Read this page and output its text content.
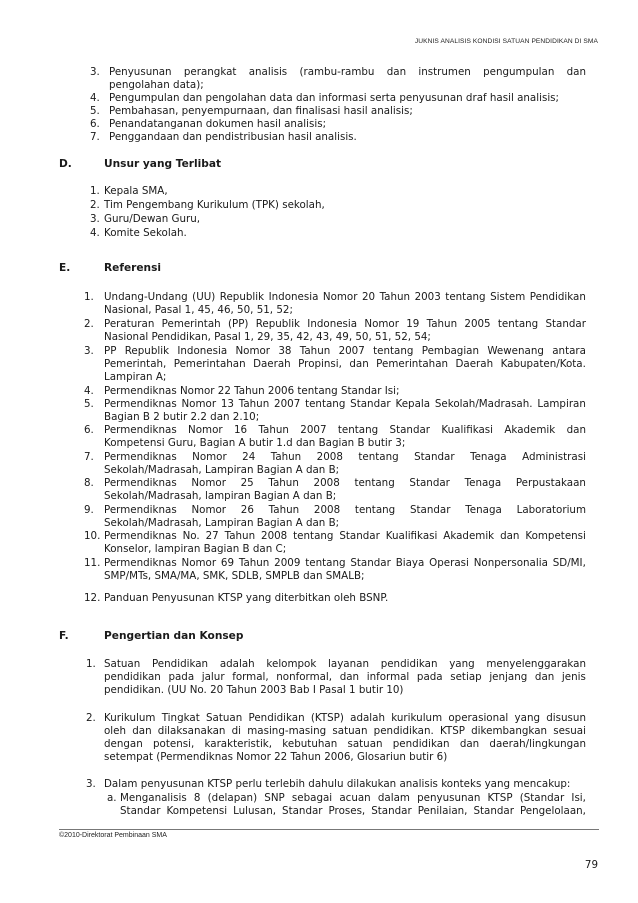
JUKNIS ANALISIS KONDISI SATUAN PENDIDIKAN DI SMA
3. Penyusunan perangkat analisis (rambu-rambu dan instrumen pengumpulan dan
pengolahan data);
4. Pengumpulan dan pengolahan data dan informasi serta penyusunan draf hasil analisis;
5. Pembahasan, penyempurnaan, dan finalisasi hasil analisis;
6. Penandatanganan dokumen hasil analisis;
7. Penggandaan dan pendistribusian hasil analisis.
D.	Unsur yang Terlibat
1. Kepala SMA,
2. Tim Pengembang Kurikulum (TPK) sekolah,
3. Guru/Dewan Guru,
4. Komite Sekolah.
E.	Referensi
1. Undang-Undang (UU) Republik Indonesia Nomor 20 Tahun 2003 tentang Sistem Pendidikan
Nasional, Pasal 1, 45, 46, 50, 51, 52;
2. Peraturan Pemerintah (PP) Republik Indonesia Nomor 19 Tahun 2005 tentang Standar
Nasional Pendidikan, Pasal 1, 29, 35, 42, 43, 49, 50, 51, 52, 54;
3. PP Republik Indonesia Nomor 38 Tahun 2007 tentang Pembagian Wewenang antara
Pemerintah, Pemerintahan Daerah Propinsi, dan Pemerintahan Daerah Kabupaten/Kota.
Lampiran A;
4. Permendiknas Nomor 22 Tahun 2006 tentang Standar Isi;
5. Permendiknas Nomor 13 Tahun 2007 tentang Standar Kepala Sekolah/Madrasah. Lampiran
Bagian B 2 butir 2.2 dan 2.10;
6. Permendiknas Nomor 16 Tahun 2007 tentang Standar Kualifikasi Akademik dan
Kompetensi Guru, Bagian A butir 1.d dan Bagian B butir 3;
7. Permendiknas Nomor 24 Tahun 2008 tentang Standar Tenaga Administrasi
Sekolah/Madrasah, Lampiran Bagian A dan B;
8. Permendiknas Nomor 25 Tahun 2008 tentang Standar Tenaga Perpustakaan
Sekolah/Madrasah, lampiran Bagian A dan B;
9. Permendiknas Nomor 26 Tahun 2008 tentang Standar Tenaga Laboratorium
Sekolah/Madrasah, Lampiran Bagian A dan B;
10. Permendiknas No. 27 Tahun 2008 tentang Standar Kualifikasi Akademik dan Kompetensi
Konselor, lampiran Bagian B dan C;
11. Permendiknas Nomor 69 Tahun 2009 tentang Standar Biaya Operasi Nonpersonalia SD/MI,
SMP/MTs, SMA/MA, SMK, SDLB, SMPLB dan SMALB;
12. Panduan Penyusunan KTSP yang diterbitkan oleh BSNP.
F.	Pengertian dan Konsep
1. Satuan Pendidikan adalah kelompok layanan pendidikan yang menyelenggarakan
pendidikan pada jalur formal, nonformal, dan informal pada setiap jenjang dan jenis
pendidikan. (UU No. 20 Tahun 2003 Bab I Pasal 1 butir 10)
2. Kurikulum Tingkat Satuan Pendidikan (KTSP) adalah kurikulum operasional yang disusun
oleh dan dilaksanakan di masing-masing satuan pendidikan. KTSP dikembangkan sesuai
dengan potensi, karakteristik, kebutuhan satuan pendidikan dan daerah/lingkungan
setempat (Permendiknas Nomor 22 Tahun 2006, Glosariun butir 6)
3. Dalam penyusunan KTSP perlu terlebih dahulu dilakukan analisis konteks yang mencakup:
a. Menganalisis 8 (delapan) SNP sebagai acuan dalam penyusunan KTSP (Standar Isi,
Standar Kompetensi Lulusan, Standar Proses, Standar Penilaian, Standar Pengelolaan,
©2010-Direktorat Pembinaan SMA
79
